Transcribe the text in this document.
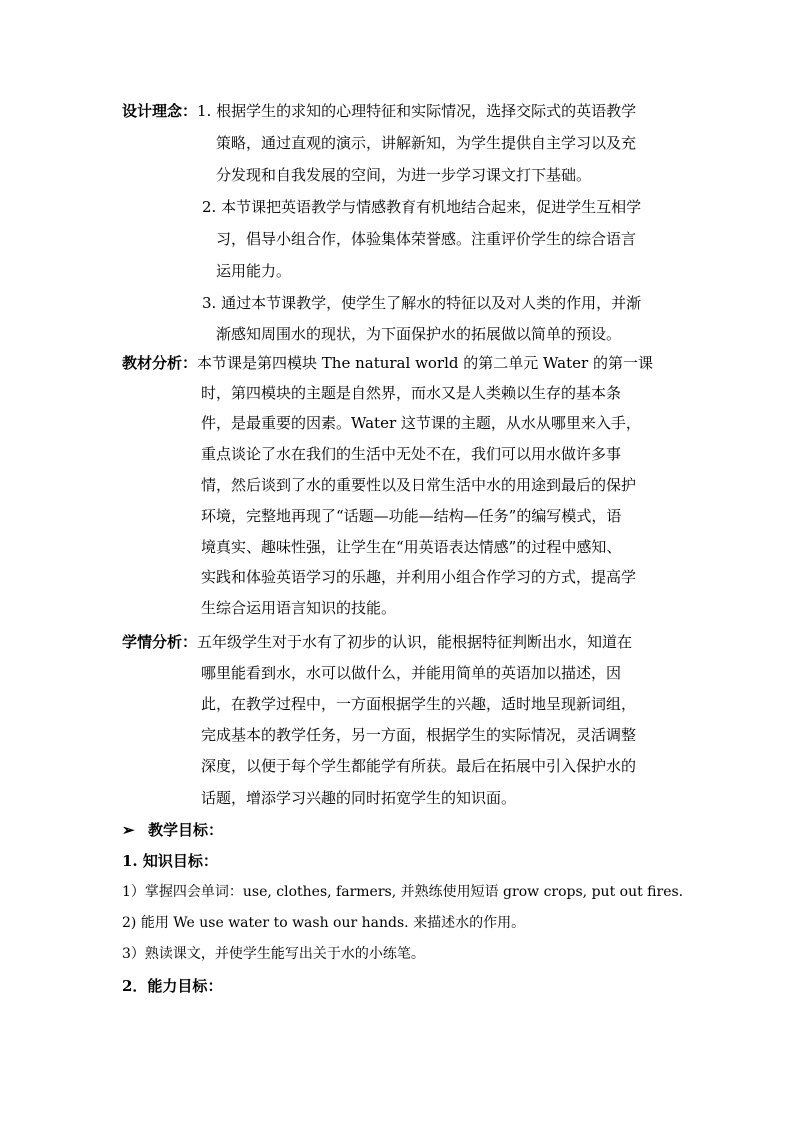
设计理念：1. 根据学生的求知的心理特征和实际情况，选择交际式的英语教学
策略，通过直观的演示，讲解新知，为学生提供自主学习以及充
分发现和自我发展的空间，为进一步学习课文打下基础。
2. 本节课把英语教学与情感教育有机地结合起来，促进学生互相学
习，倡导小组合作，体验集体荣誉感。注重评价学生的综合语言
运用能力。
3. 通过本节课教学，使学生了解水的特征以及对人类的作用，并渐
渐感知周围水的现状，为下面保护水的拓展做以简单的预设。
教材分析：本节课是第四模块 The natural world 的第二单元 Water 的第一课
时，第四模块的主题是自然界，而水又是人类赖以生存的基本条
件，是最重要的因素。Water 这节课的主题，从水从哪里来入手，
重点谈论了水在我们的生活中无处不在，我们可以用水做许多事
情，然后谈到了水的重要性以及日常生活中水的用途到最后的保护
环境，完整地再现了“话题—功能—结构—任务”的编写模式，语
境真实、趣味性强，让学生在“用英语表达情感”的过程中感知、
实践和体验英语学习的乐趣，并利用小组合作学习的方式，提高学
生综合运用语言知识的技能。
学情分析：五年级学生对于水有了初步的认识，能根据特征判断出水，知道在
哪里能看到水，水可以做什么，并能用简单的英语加以描述，因
此，在教学过程中，一方面根据学生的兴趣，适时地呈现新词组，
完成基本的教学任务，另一方面，根据学生的实际情况，灵活调整
深度，以便于每个学生都能学有所获。最后在拓展中引入保护水的
话题，增添学习兴趣的同时拓宽学生的知识面。
➢ 教学目标：
1. 知识目标：
1）掌握四会单词：use, clothes, farmers, 并熟练使用短语 grow crops, put out fires.
2) 能用 We use water to wash our hands. 来描述水的作用。
3）熟读课文，并使学生能写出关于水的小练笔。
2．能力目标：
